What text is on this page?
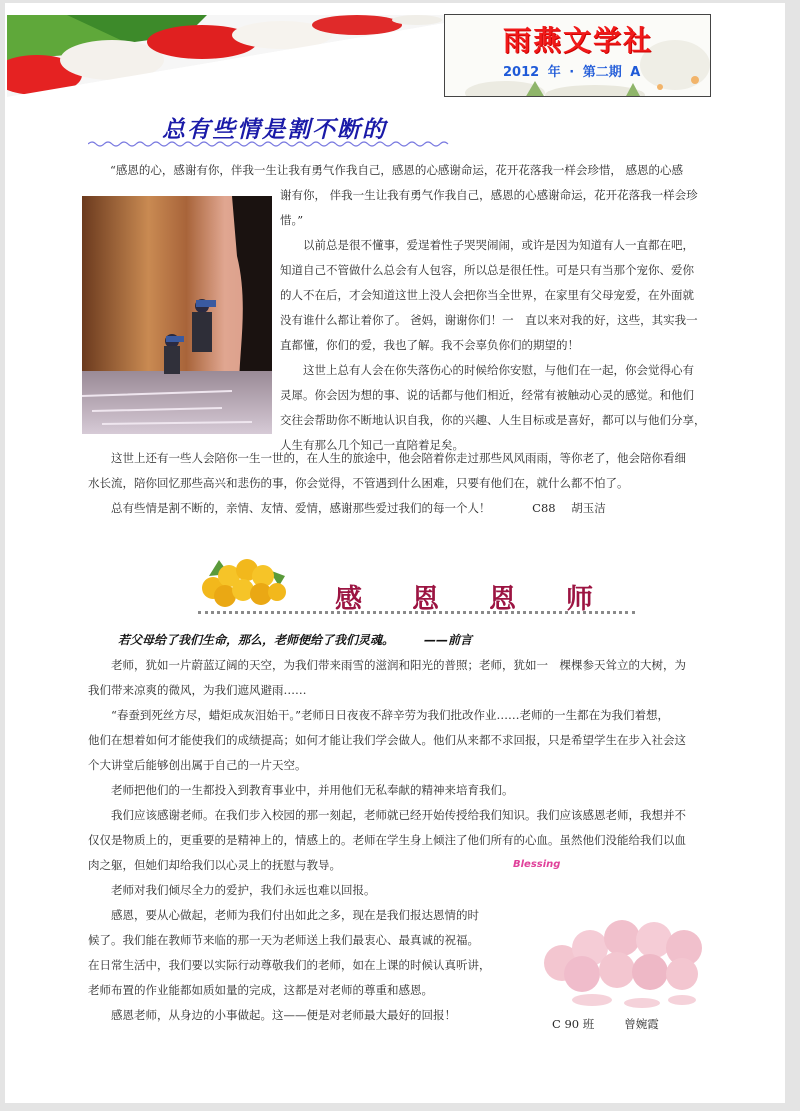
雨燕文学社
2012 年 · 第二期 A
总有些情是割不断的

“感恩的心，感谢有你，伴我一生让我有勇气作我自己，感恩的心感谢命运，花开花落我一样会珍惜， 感恩的心感

谢有你， 伴我一生让我有勇气作我自己，感恩的心感谢命运，花开花落我一样会珍

惜。”

以前总是很不懂事，爱逞着性子哭哭闹闹，或许是因为知道有人一直都在吧，

知道自己不管做什么总会有人包容，所以总是很任性。可是只有当那个宠你、爱你

的人不在后，才会知道这世上没人会把你当全世界，在家里有父母宠爱，在外面就

没有谁什么都让着你了。 爸妈，谢谢你们！一　直以来对我的好，这些，其实我一

直都懂，你们的爱，我也了解。我不会辜负你们的期望的！

这世上总有人会在你失落伤心的时候给你安慰，与他们在一起，你会觉得心有

灵犀。你会因为想的事、说的话都与他们相近，经常有被触动心灵的感觉。和他们

交往会帮助你不断地认识自我，你的兴趣、人生目标或是喜好，都可以与他们分享，

人生有那么几个知己一直陪着足矣。

这世上还有一些人会陪你一生一世的，在人生的旅途中，他会陪着你走过那些风风雨雨，等你老了，他会陪你看细

水长流，陪你回忆那些高兴和悲伤的事，你会觉得，不管遇到什么困难，只要有他们在，就什么都不怕了。

总有些情是割不断的，亲情、友情、爱情，感谢那些爱过我们的每一个人！	C88 胡玉洁

感 恩 恩 师
若父母给了我们生命，那么，老师便给了我们灵魂。	——前言

老师，犹如一片蔚蓝辽阔的天空，为我们带来雨雪的滋润和阳光的普照；老师，犹如一　棵棵参天耸立的大树，为

我们带来凉爽的微风，为我们遮风避雨……

“春蚕到死丝方尽，蜡炬成灰泪始干。”老师日日夜夜不辞辛劳为我们批改作业……老师的一生都在为我们着想，

他们在想着如何才能使我们的成绩提高；如何才能让我们学会做人。他们从来都不求回报，只是希望学生在步入社会这

个大讲堂后能够创出属于自己的一片天空。

老师把他们的一生都投入到教育事业中，并用他们无私奉献的精神来培育我们。

我们应该感谢老师。在我们步入校园的那一刻起，老师就已经开始传授给我们知识。我们应该感恩老师，我想并不

仅仅是物质上的，更重要的是精神上的，情感上的。老师在学生身上倾注了他们所有的心血。虽然他们没能给我们以血

肉之躯，但她们却给我们以心灵上的抚慰与教导。

老师对我们倾尽全力的爱护，我们永远也难以回报。

感恩，要从心做起，老师为我们付出如此之多，现在是我们报达恩情的时

候了。我们能在教师节来临的那一天为老师送上我们最衷心、最真诚的祝福。

在日常生活中，我们要以实际行动尊敬我们的老师，如在上课的时候认真听讲，

老师布置的作业能都如质如量的完成，这都是对老师的尊重和感恩。

感恩老师，从身边的小事做起。这——便是对老师最大最好的回报！

Blessing
C 90 班	曾婉霞
